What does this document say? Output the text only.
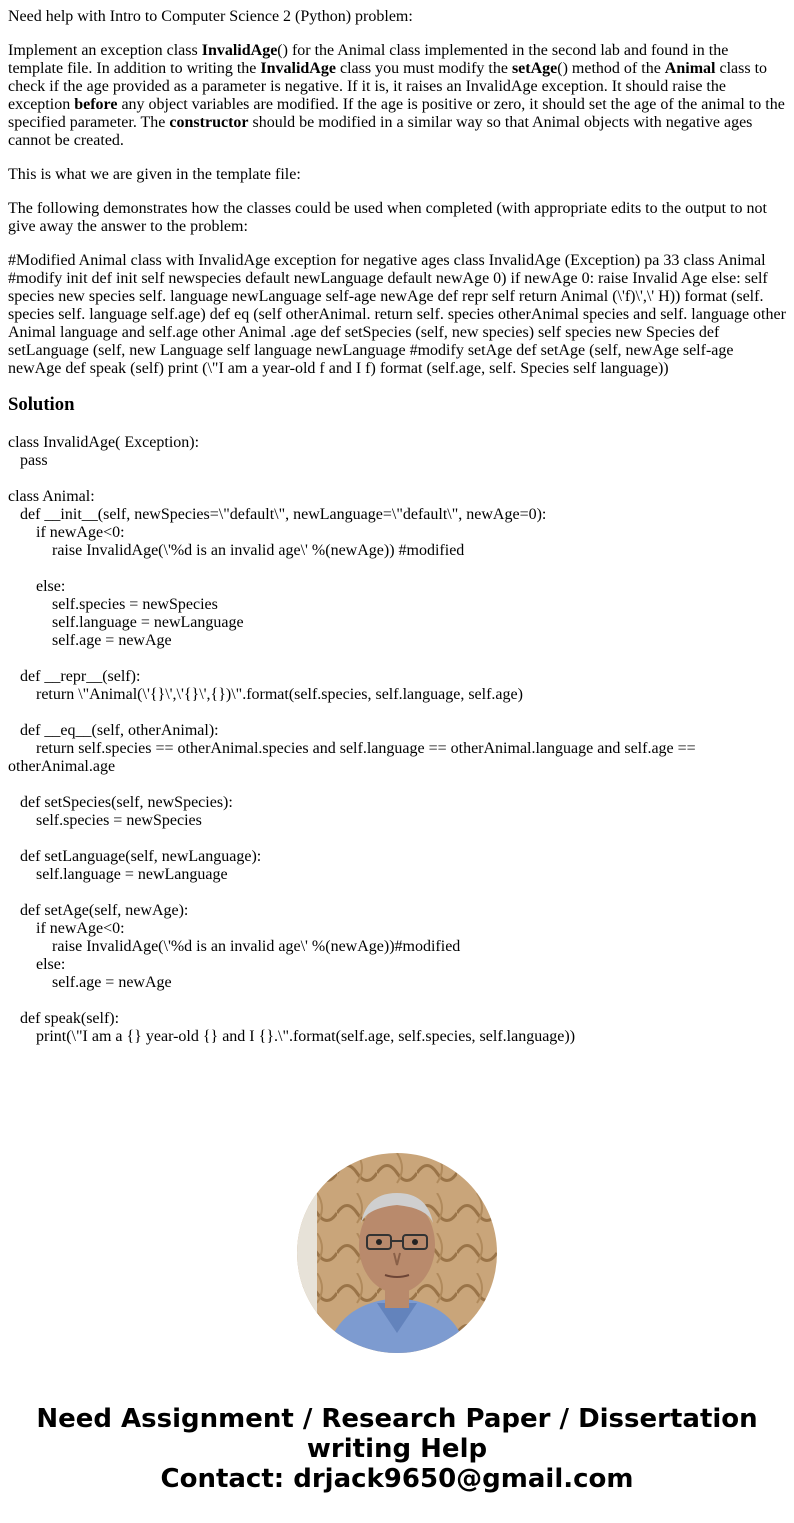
Need help with Intro to Computer Science 2 (Python) problem:

Implement an exception class InvalidAge() for the Animal class implemented in the second lab and found in the template file. In addition to writing the InvalidAge class you must modify the setAge() method of the Animal class to check if the age provided as a parameter is negative. If it is, it raises an InvalidAge exception. It should raise the exception before any object variables are modified. If the age is positive or zero, it should set the age of the animal to the specified parameter. The constructor should be modified in a similar way so that Animal objects with negative ages cannot be created.

This is what we are given in the template file:

The following demonstrates how the classes could be used when completed (with appropriate edits to the output to not give away the answer to the problem:

#Modified Animal class with InvalidAge exception for negative ages class InvalidAge (Exception) pa 33 class Animal #modify init def init self newspecies default newLanguage default newAge 0) if newAge 0: raise Invalid Age else: self species new species self. language newLanguage self-age newAge def repr self return Animal (\'f)\',\' H)) format (self. species self. language self.age) def eq (self otherAnimal. return self. species otherAnimal species and self. language other Animal language and self.age other Animal .age def setSpecies (self, new species) self species new Species def setLanguage (self, new Language self language newLanguage #modify setAge def setAge (self, newAge self-age newAge def speak (self) print (\"I am a year-old f and I f) format (self.age, self. Species self language))

Solution
class InvalidAge( Exception):
pass

class Animal:
def __init__(self, newSpecies=\"default\", newLanguage=\"default\", newAge=0):
if newAge<0:
raise InvalidAge(\'%d is an invalid age\' %(newAge)) #modified

else:
self.species = newSpecies
self.language = newLanguage
self.age = newAge

def __repr__(self):
return \"Animal(\'{}\',\'{}\',{})\".format(self.species, self.language, self.age)

def __eq__(self, otherAnimal):
return self.species == otherAnimal.species and self.language == otherAnimal.language and self.age == otherAnimal.age

def setSpecies(self, newSpecies):
self.species = newSpecies

def setLanguage(self, newLanguage):
self.language = newLanguage

def setAge(self, newAge):
if newAge<0:
raise InvalidAge(\'%d is an invalid age\' %(newAge))#modified
else:
self.age = newAge

def speak(self):
print(\"I am a {} year-old {} and I {}.\".format(self.age, self.species, self.language))
Need Assignment / Research Paper / Dissertation
writing Help
Contact: drjack9650@gmail.com
